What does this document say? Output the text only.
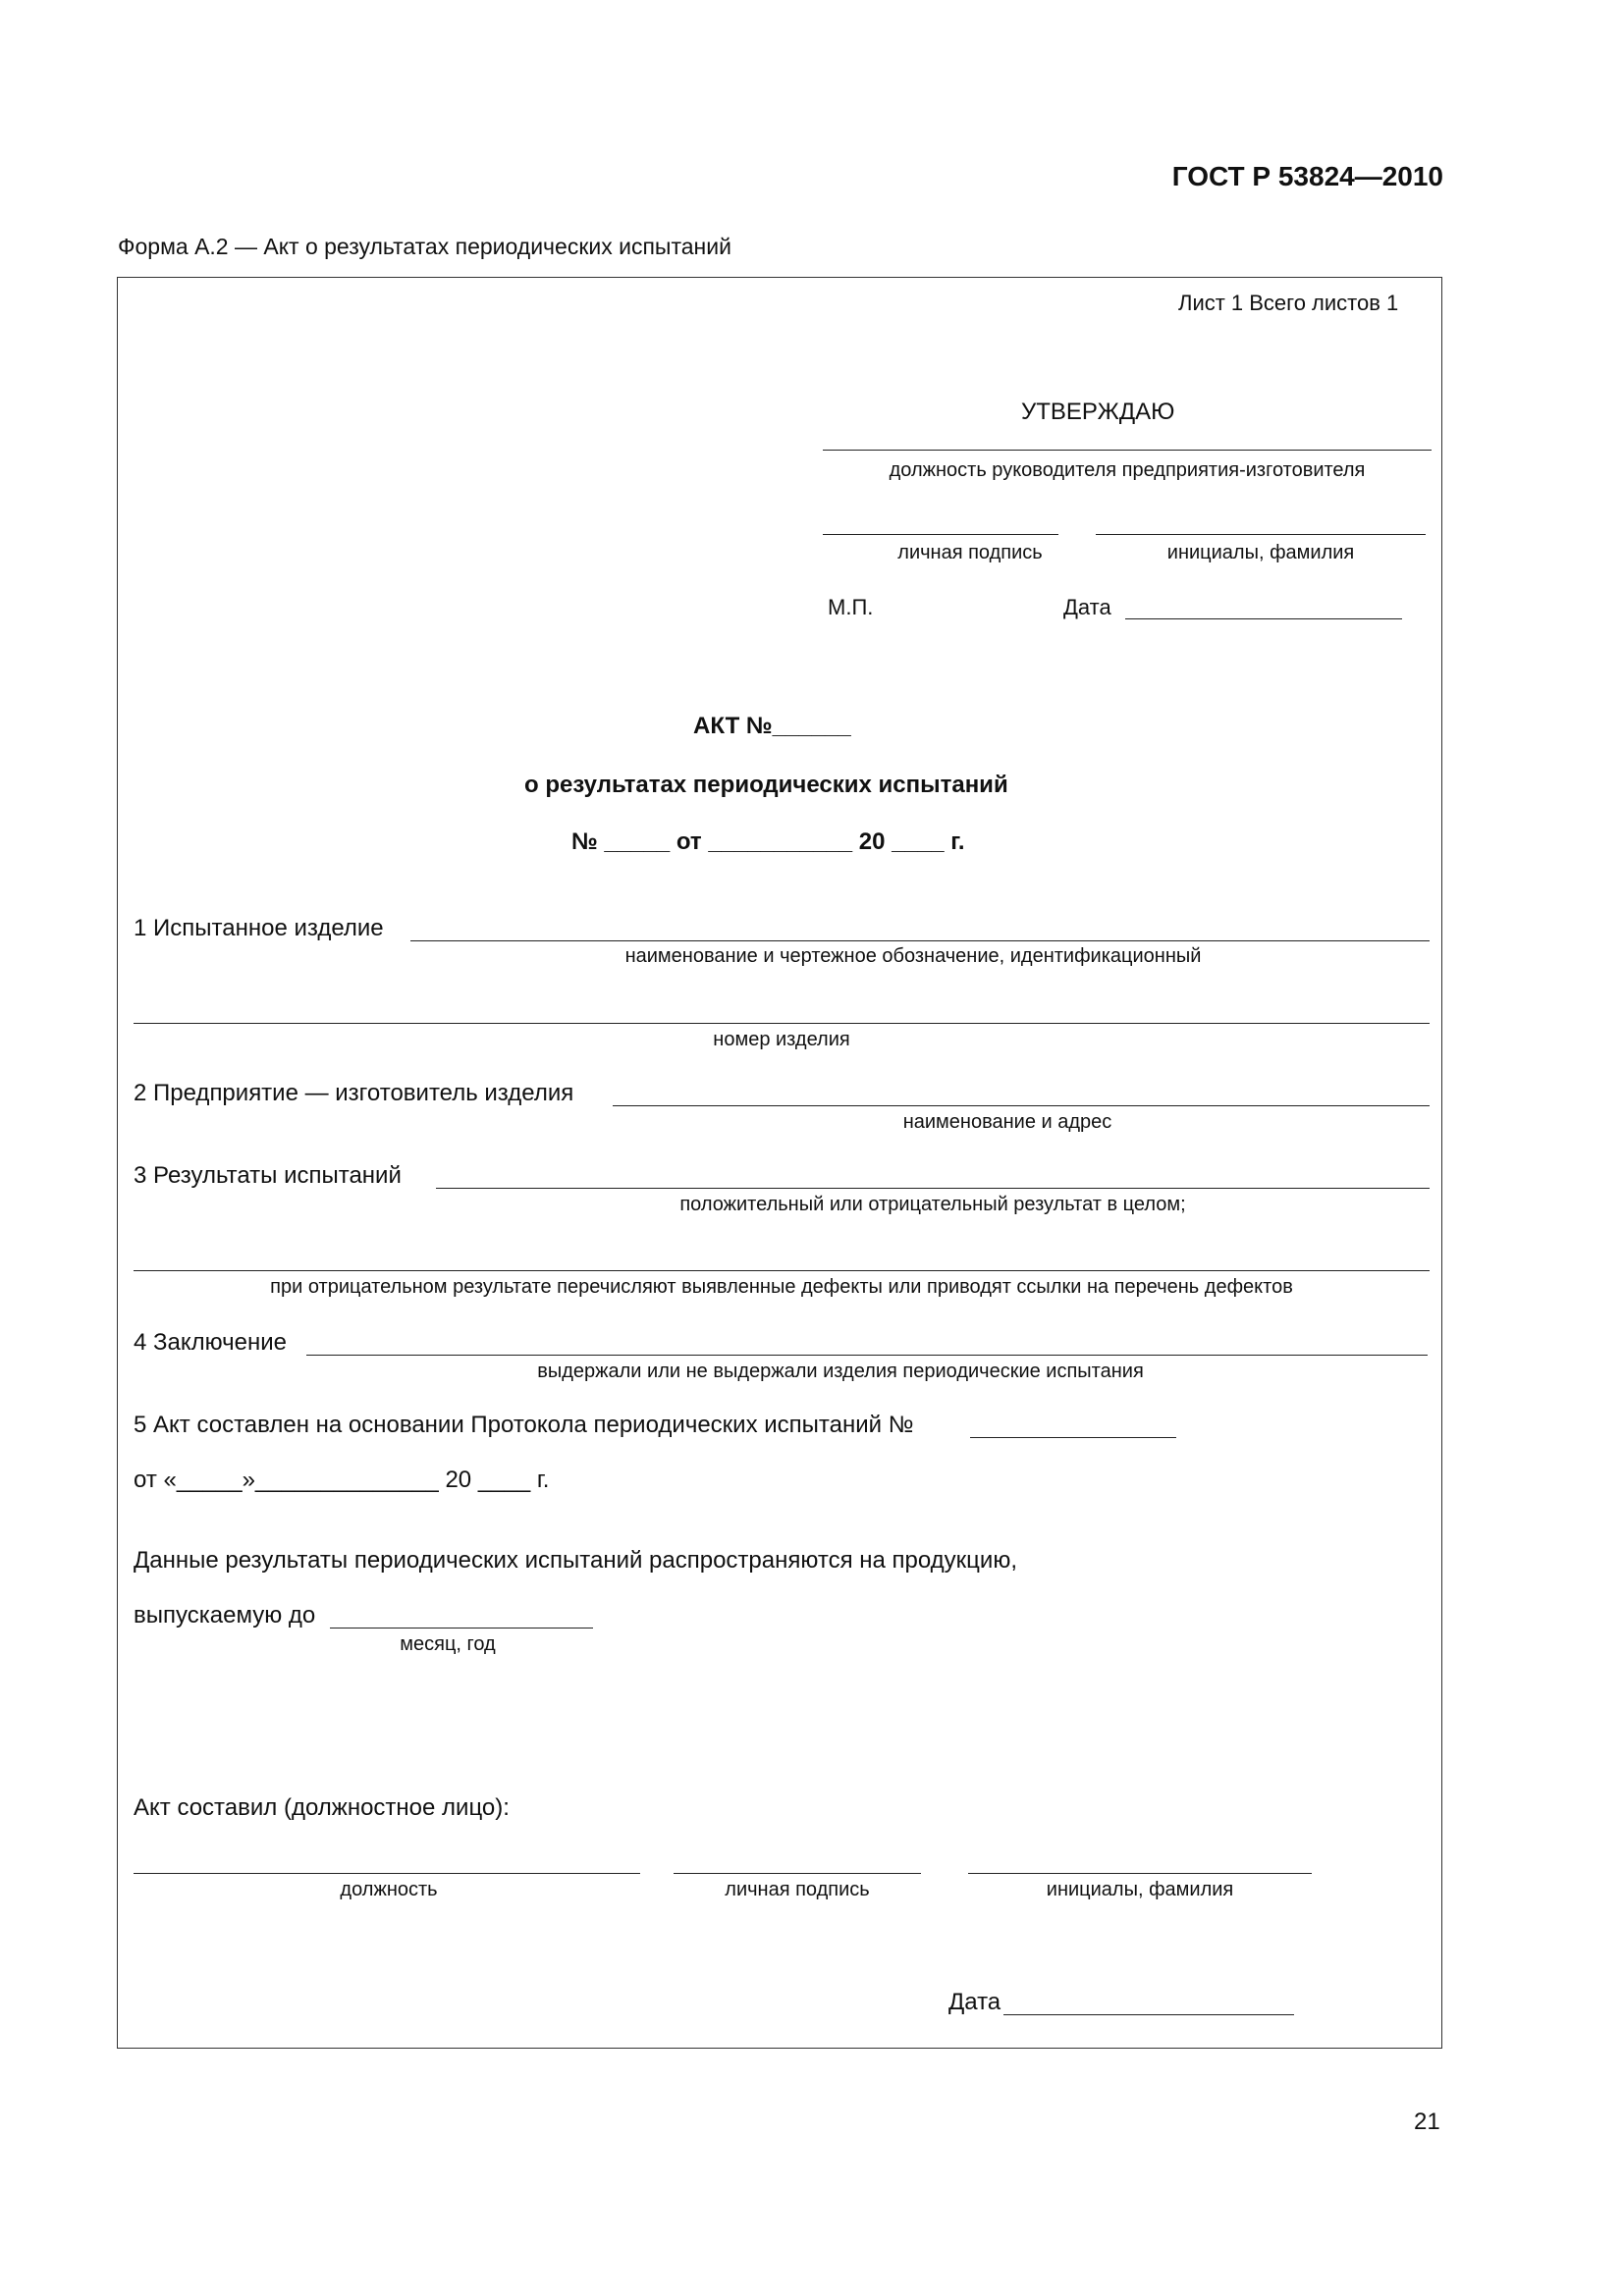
ГОСТ Р 53824—2010
Форма А.2 — Акт о результатах периодических испытаний
Лист 1 Всего листов 1
УТВЕРЖДАЮ
должность руководителя предприятия-изготовителя
личная подпись	инициалы, фамилия
М.П.	Дата
АКТ №______
о результатах периодических испытаний
№ _____ от ___________ 20 ____ г.
1 Испытанное изделие
наименование и чертежное обозначение, идентификационный
номер изделия
2 Предприятие — изготовитель изделия
наименование и адрес
3 Результаты испытаний
положительный или отрицательный результат в целом;
при отрицательном результате перечисляют выявленные дефекты или приводят ссылки на перечень дефектов
4 Заключение
выдержали или не выдержали изделия периодические испытания
5 Акт составлен на основании Протокола периодических испытаний №
от «_____»______________ 20 ____ г.
Данные результаты периодических испытаний распространяются на продукцию,
выпускаемую до
месяц, год
Акт составил (должностное лицо):
должность	личная подпись	инициалы, фамилия
Дата
21
